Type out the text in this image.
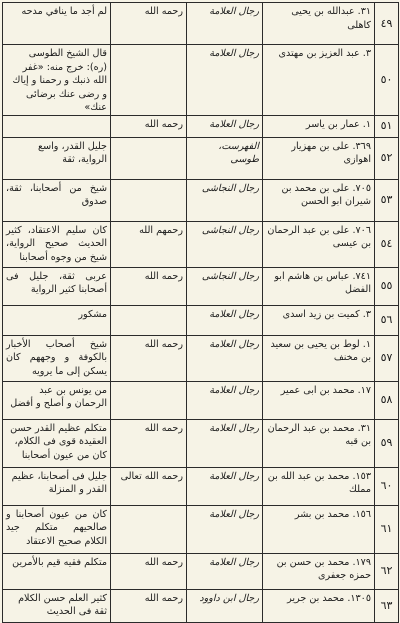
٤٩	٣١. عبدالله بن يحيى كاهلى	رجال العلامة	رحمه الله	لم أجد ما ينافي مدحه
٥٠	٣. عبد العزيز بن مهتدى	رجال العلامة		قال الشيخ الطوسى (ره): خرج منه: «غفر الله ذنبك و رحمنا و إياك و رضى عنك برضائى عنك»
٥١	١. عمار بن ياسر	رجال العلامة	رحمه الله	
٥٢	٣٦٩. على بن مهزيار اهوازى	الفهرست، طوسى		جليل القدر، واسع الرواية، ثقة
٥٣	٧٠٥. على بن محمد بن شيران ابو الحسن	رجال النجاشى		شيخ من أصحابنا، ثقة، صدوق
٥٤	٧٠٦. على بن عبد الرحمان بن عيسى	رجال النجاشى	رحمهم الله	كان سليم الاعتقاد، كثير الحديث صحيح الرواية، شيخ من وجوه أصحابنا
٥٥	٧٤١. عباس بن هاشم ابو الفضل	رجال النجاشى	رحمه الله	عربى ثقة، جليل فى أصحابنا كثير الرواية
٥٦	٣. كميت بن زيد اسدى	رجال العلامة		مشكور
٥٧	١. لوط بن يحيى بن سعيد بن مخنف	رجال العلامة	رحمه الله	شيخ أصحاب الأخبار بالكوفة و وجههم كان يسكن إلى ما يرويه
٥٨	١٧. محمد بن ابى عمير	رجال العلامة		من يونس بن عبد الرحمان و أصلح و أفضل
٥٩	٣١. محمد بن عبد الرحمان بن قبه	رجال العلامة	رحمه الله	متكلم عظيم القدر حسن العقيدة قوى فى الكلام، كان من عيون أصحابنا
٦٠	١٥٣. محمد بن عبد الله بن مملك	رجال العلامة	رحمه الله تعالى	جليل فى أصحابنا، عظيم القدر و المنزلة
٦١	١٥٦. محمد بن بشر	رجال العلامة		كان من عيون أصحابنا و صالحيهم متكلم جيد الكلام صحيح الاعتقاد
٦٢	١٧٩. محمد بن حسن بن حمزه جعفرى	رجال العلامة	رحمه الله	متكلم فقيه قيم بالأمرين
٦٣	١٣٠٥. محمد بن جرير	رجال ابن داوود	رحمه الله	كثير العلم حسن الكلام ثقة فى الحديث
